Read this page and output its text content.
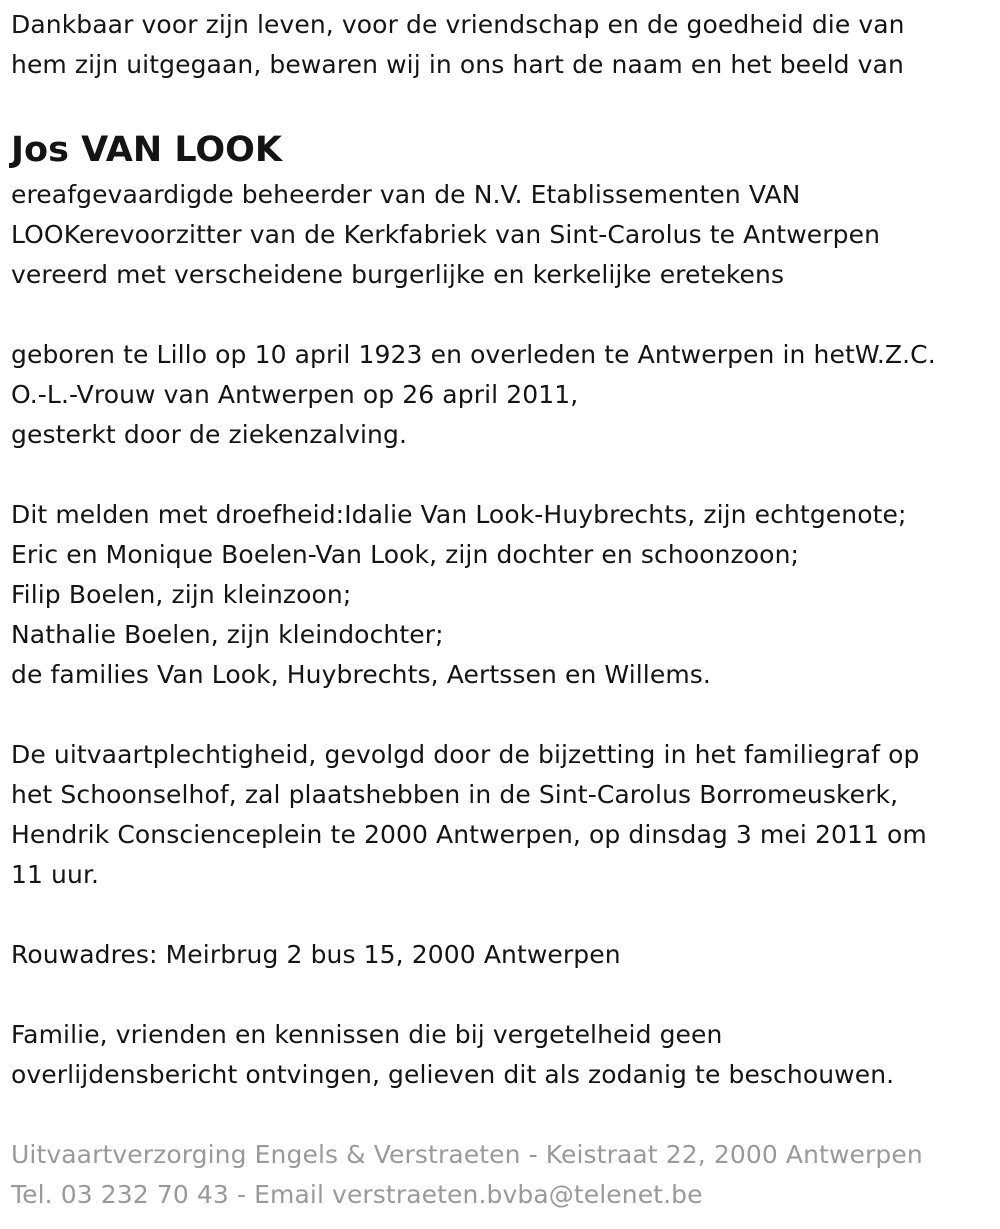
Dankbaar voor zijn leven, voor de vriendschap en de goedheid die van
hem zijn uitgegaan, bewaren wij in ons hart de naam en het beeld van
Jos VAN LOOK
ereafgevaardigde beheerder van de N.V. Etablissementen VAN
LOOKerevoorzitter van de Kerkfabriek van Sint-Carolus te Antwerpen
vereerd met verscheidene burgerlijke en kerkelijke eretekens
geboren te Lillo op 10 april 1923 en overleden te Antwerpen in hetW.Z.C.
O.-L.-Vrouw van Antwerpen op 26 april 2011,
gesterkt door de ziekenzalving.
Dit melden met droefheid:Idalie Van Look-Huybrechts, zijn echtgenote;
Eric en Monique Boelen-Van Look, zijn dochter en schoonzoon;
Filip Boelen, zijn kleinzoon;
Nathalie Boelen, zijn kleindochter;
de families Van Look, Huybrechts, Aertssen en Willems.
De uitvaartplechtigheid, gevolgd door de bijzetting in het familiegraf op
het Schoonselhof, zal plaatshebben in de Sint-Carolus Borromeuskerk,
Hendrik Conscienceplein te 2000 Antwerpen, op dinsdag 3 mei 2011 om
11 uur.
Rouwadres: Meirbrug 2 bus 15, 2000 Antwerpen
Familie, vrienden en kennissen die bij vergetelheid geen
overlijdensbericht ontvingen, gelieven dit als zodanig te beschouwen.
Uitvaartverzorging Engels & Verstraeten - Keistraat 22, 2000 Antwerpen
Tel. 03 232 70 43 - Email verstraeten.bvba@telenet.be
